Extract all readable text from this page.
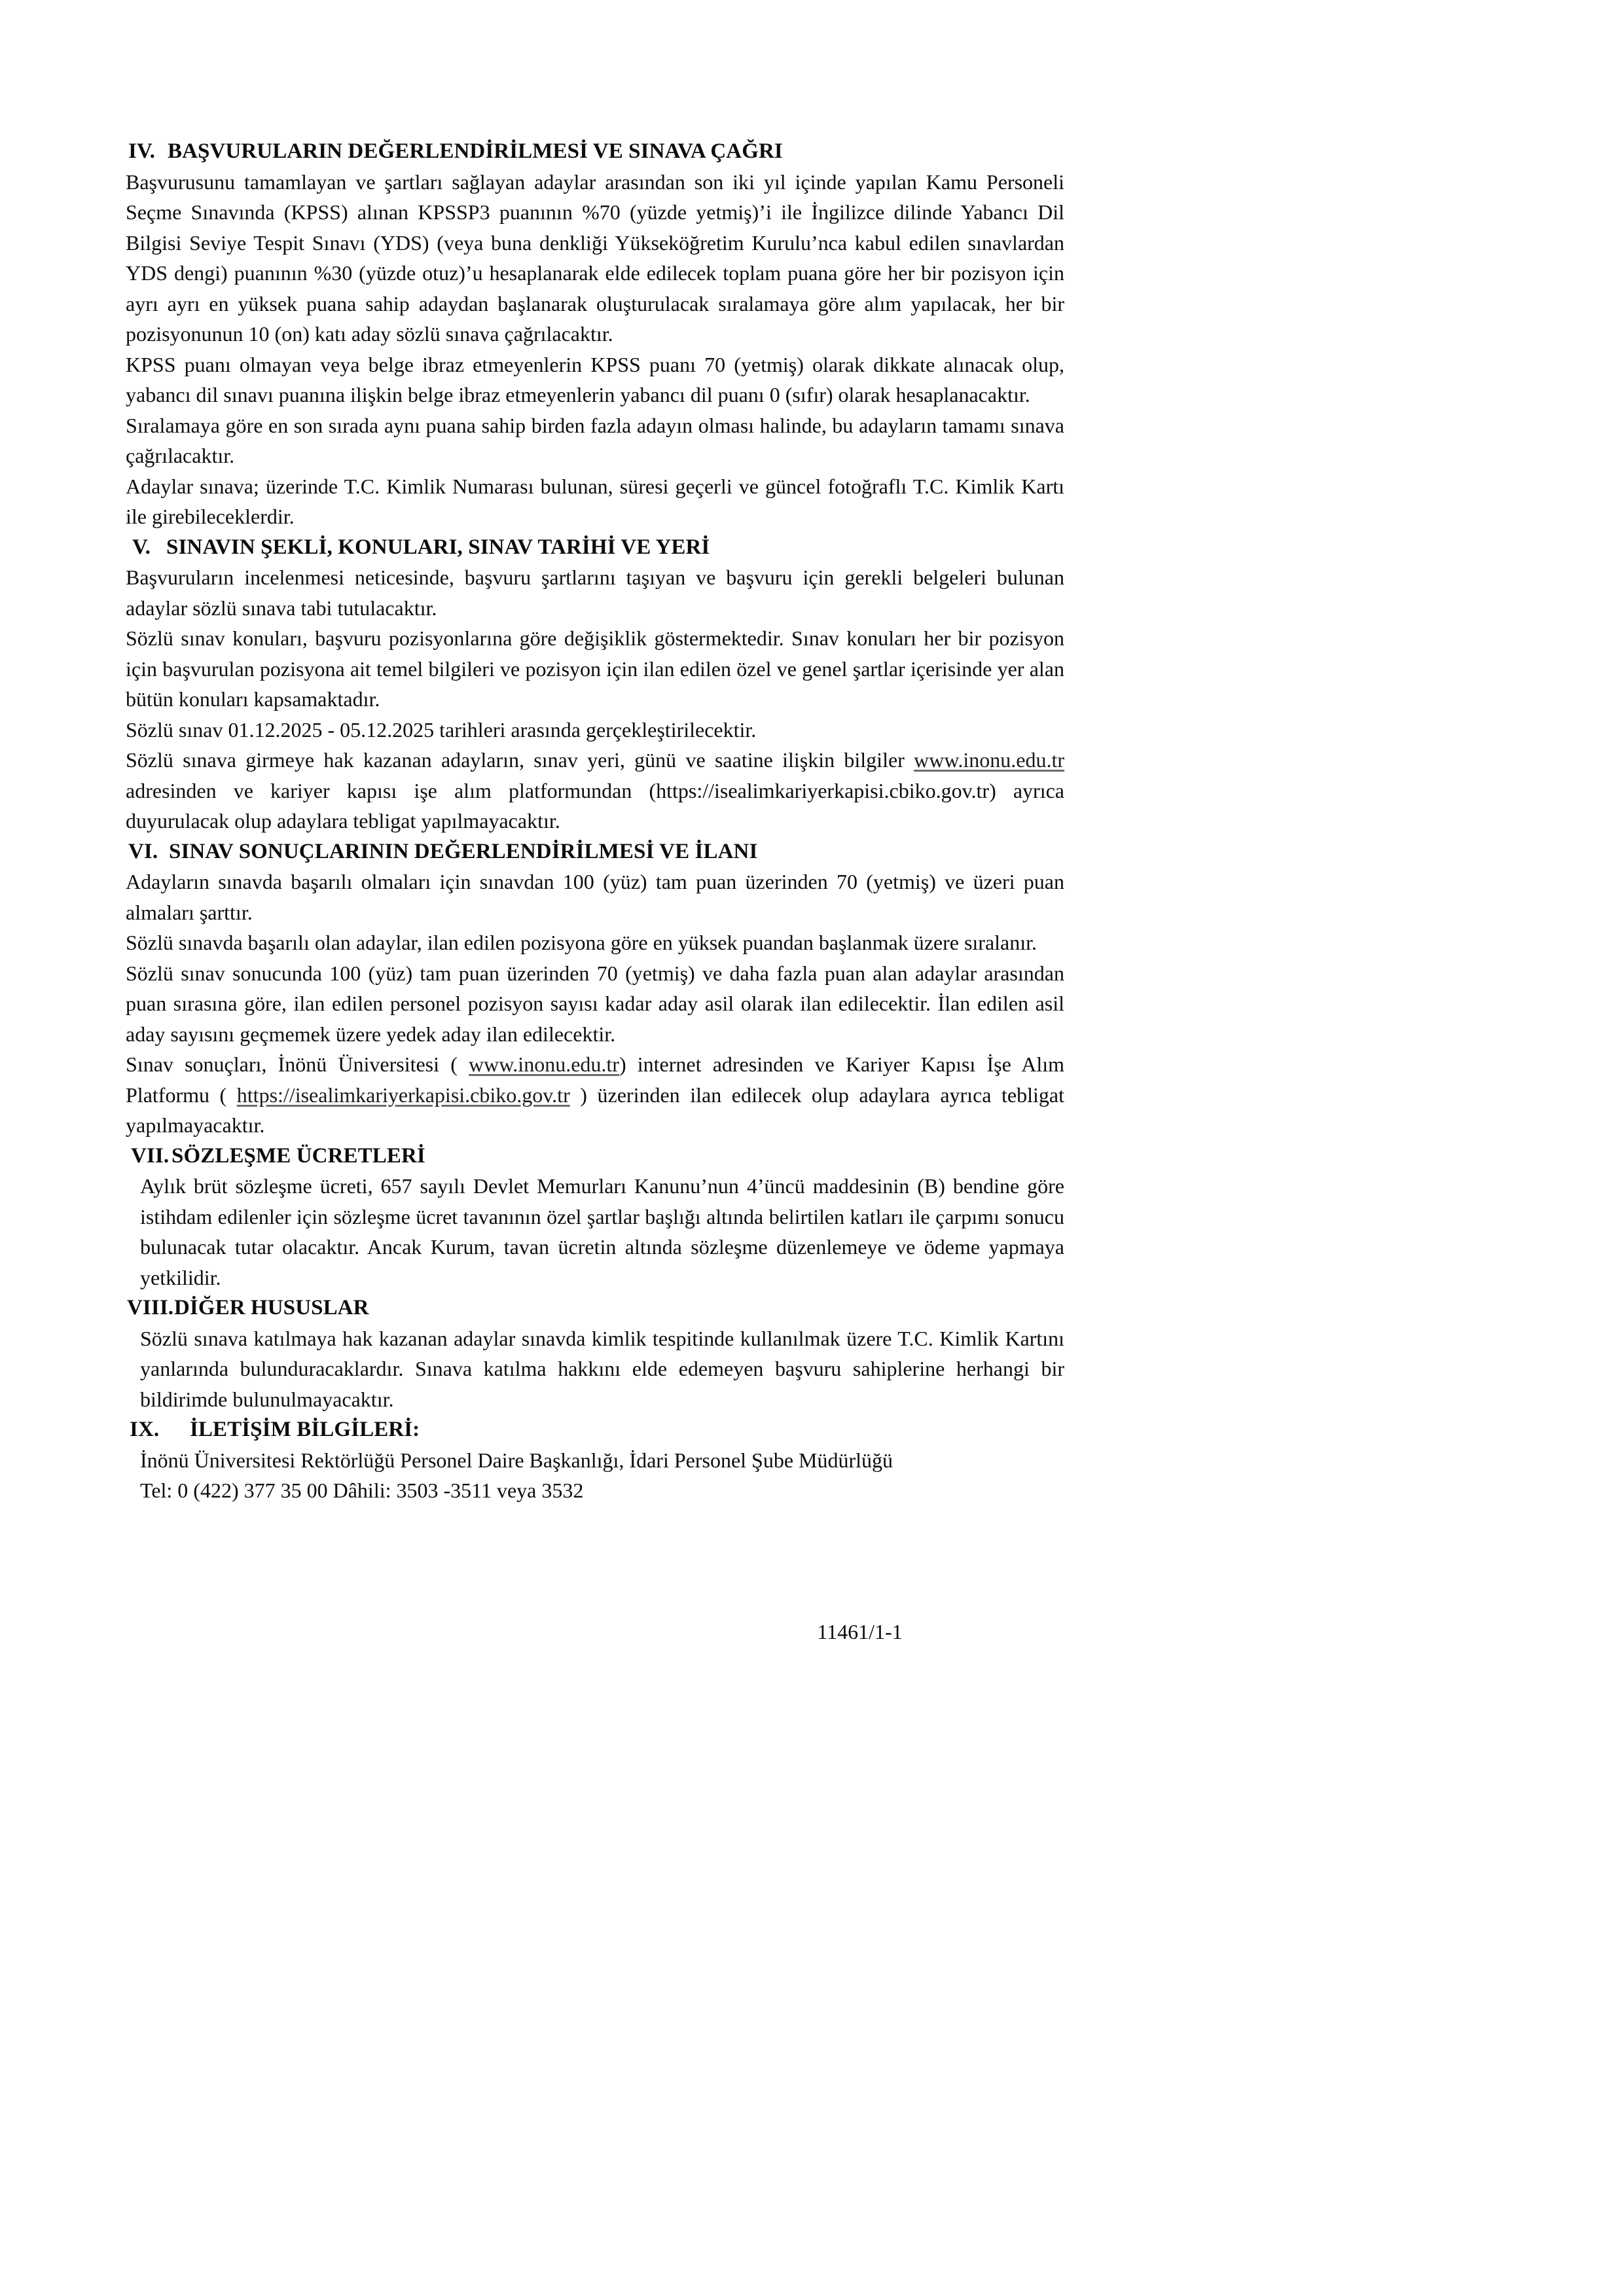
IV. BAŞVURULARIN DEĞERLENDİRİLMESİ VE SINAVA ÇAĞRI

Başvurusunu tamamlayan ve şartları sağlayan adaylar arasından son iki yıl içinde yapılan Kamu Personeli Seçme Sınavında (KPSS) alınan KPSSP3 puanının %70 (yüzde yetmiş)’i ile İngilizce dilinde Yabancı Dil Bilgisi Seviye Tespit Sınavı (YDS) (veya buna denkliği Yükseköğretim Kurulu’nca kabul edilen sınavlardan YDS dengi) puanının %30 (yüzde otuz)’u hesaplanarak elde edilecek toplam puana göre her bir pozisyon için ayrı ayrı en yüksek puana sahip adaydan başlanarak oluşturulacak sıralamaya göre alım yapılacak, her bir pozisyonunun 10 (on) katı aday sözlü sınava çağrılacaktır.

KPSS puanı olmayan veya belge ibraz etmeyenlerin KPSS puanı 70 (yetmiş) olarak dikkate alınacak olup, yabancı dil sınavı puanına ilişkin belge ibraz etmeyenlerin yabancı dil puanı 0 (sıfır) olarak hesaplanacaktır.

Sıralamaya göre en son sırada aynı puana sahip birden fazla adayın olması halinde, bu adayların tamamı sınava çağrılacaktır.

Adaylar sınava; üzerinde T.C. Kimlik Numarası bulunan, süresi geçerli ve güncel fotoğraflı T.C. Kimlik Kartı ile girebileceklerdir.

V. SINAVIN ŞEKLİ, KONULARI, SINAV TARİHİ VE YERİ

Başvuruların incelenmesi neticesinde, başvuru şartlarını taşıyan ve başvuru için gerekli belgeleri bulunan adaylar sözlü sınava tabi tutulacaktır.

Sözlü sınav konuları, başvuru pozisyonlarına göre değişiklik göstermektedir. Sınav konuları her bir pozisyon için başvurulan pozisyona ait temel bilgileri ve pozisyon için ilan edilen özel ve genel şartlar içerisinde yer alan bütün konuları kapsamaktadır.

Sözlü sınav 01.12.2025 - 05.12.2025 tarihleri arasında gerçekleştirilecektir.

Sözlü sınava girmeye hak kazanan adayların, sınav yeri, günü ve saatine ilişkin bilgiler www.inonu.edu.tr adresinden ve kariyer kapısı işe alım platformundan (https://isealimkariyerkapisi.cbiko.gov.tr) ayrıca duyurulacak olup adaylara tebligat yapılmayacaktır.

VI. SINAV SONUÇLARININ DEĞERLENDİRİLMESİ VE İLANI

Adayların sınavda başarılı olmaları için sınavdan 100 (yüz) tam puan üzerinden 70 (yetmiş) ve üzeri puan almaları şarttır.

Sözlü sınavda başarılı olan adaylar, ilan edilen pozisyona göre en yüksek puandan başlanmak üzere sıralanır.

Sözlü sınav sonucunda 100 (yüz) tam puan üzerinden 70 (yetmiş) ve daha fazla puan alan adaylar arasından puan sırasına göre, ilan edilen personel pozisyon sayısı kadar aday asil olarak ilan edilecektir. İlan edilen asil aday sayısını geçmemek üzere yedek aday ilan edilecektir.

Sınav sonuçları, İnönü Üniversitesi ( www.inonu.edu.tr) internet adresinden ve Kariyer Kapısı İşe Alım Platformu ( https://isealimkariyerkapisi.cbiko.gov.tr ) üzerinden ilan edilecek olup adaylara ayrıca tebligat yapılmayacaktır.

VII. SÖZLEŞME ÜCRETLERİ

Aylık brüt sözleşme ücreti, 657 sayılı Devlet Memurları Kanunu’nun 4’üncü maddesinin (B) bendine göre istihdam edilenler için sözleşme ücret tavanının özel şartlar başlığı altında belirtilen katları ile çarpımı sonucu bulunacak tutar olacaktır. Ancak Kurum, tavan ücretin altında sözleşme düzenlemeye ve ödeme yapmaya yetkilidir.

VIII.DİĞER HUSUSLAR

Sözlü sınava katılmaya hak kazanan adaylar sınavda kimlik tespitinde kullanılmak üzere T.C. Kimlik Kartını yanlarında bulunduracaklardır. Sınava katılma hakkını elde edemeyen başvuru sahiplerine herhangi bir bildirimde bulunulmayacaktır.

IX. İLETİŞİM BİLGİLERİ:

İnönü Üniversitesi Rektörlüğü Personel Daire Başkanlığı, İdari Personel Şube Müdürlüğü

Tel: 0 (422) 377 35 00 Dâhili: 3503 -3511 veya 3532

11461/1-1
